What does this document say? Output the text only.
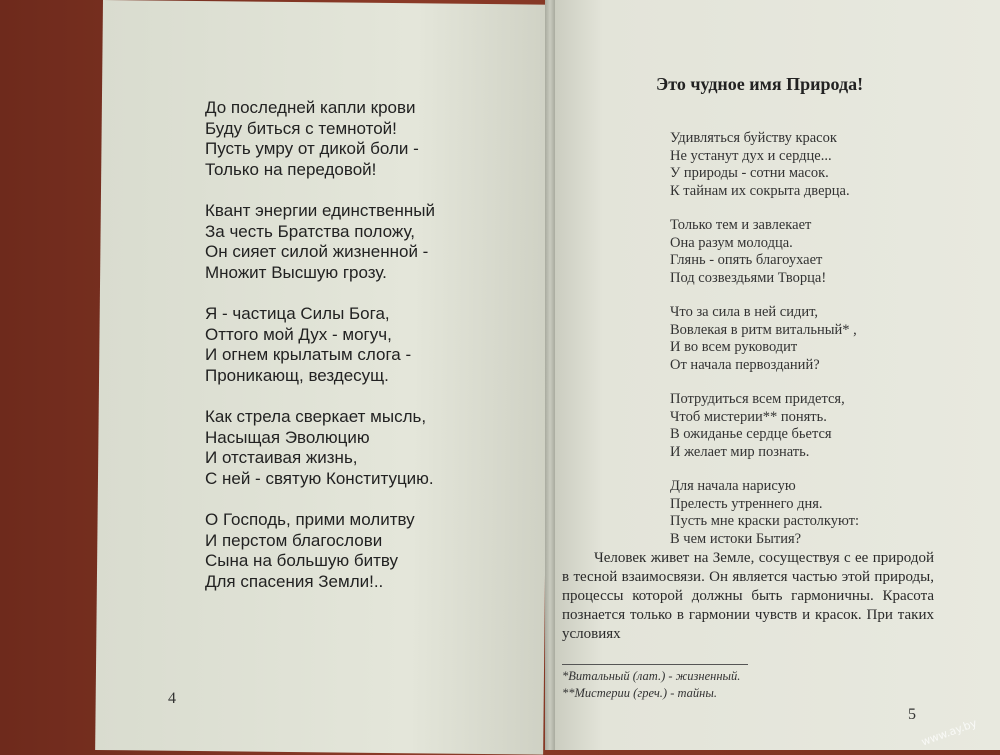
До последней капли крови
Буду биться с темнотой!
Пусть умру от дикой боли -
Только на передовой!
Квант энергии единственный
За честь Братства положу,
Он сияет силой жизненной -
Множит Высшую грозу.
Я - частица Силы Бога,
Оттого мой Дух - могуч,
И огнем крылатым слога -
Проникающ, вездесущ.
Как стрела сверкает мысль,
Насыщая Эволюцию
И отстаивая жизнь,
С ней - святую Конституцию.
О Господь, прими молитву
И перстом благослови
Сына на большую битву
Для спасения Земли!..
4
Это чудное имя Природа!
Удивляться буйству красок
Не устанут дух и сердце...
У природы - сотни масок.
К тайнам их сокрыта дверца.
Только тем и завлекает
Она разум молодца.
Глянь - опять благоухает
Под созвездьями Творца!
Что за сила в ней сидит,
Вовлекая в ритм витальный* ,
И во всем руководит
От начала первозданий?
Потрудиться всем придется,
Чтоб мистерии** понять.
В ожиданье сердце бьется
И желает мир познать.
Для начала нарисую
Прелесть утреннего дня.
Пусть мне краски растолкуют:
В чем истоки Бытия?

Человек живет на Земле, сосуществуя с ее природой в тесной взаимосвязи. Он является частью этой природы, процессы которой должны быть гармоничны. Красота познается только в гармонии чувств и красок. При таких условиях

*Витальный (лат.) - жизненный.
**Мистерии (греч.) - тайны.
5
www.ay.by
